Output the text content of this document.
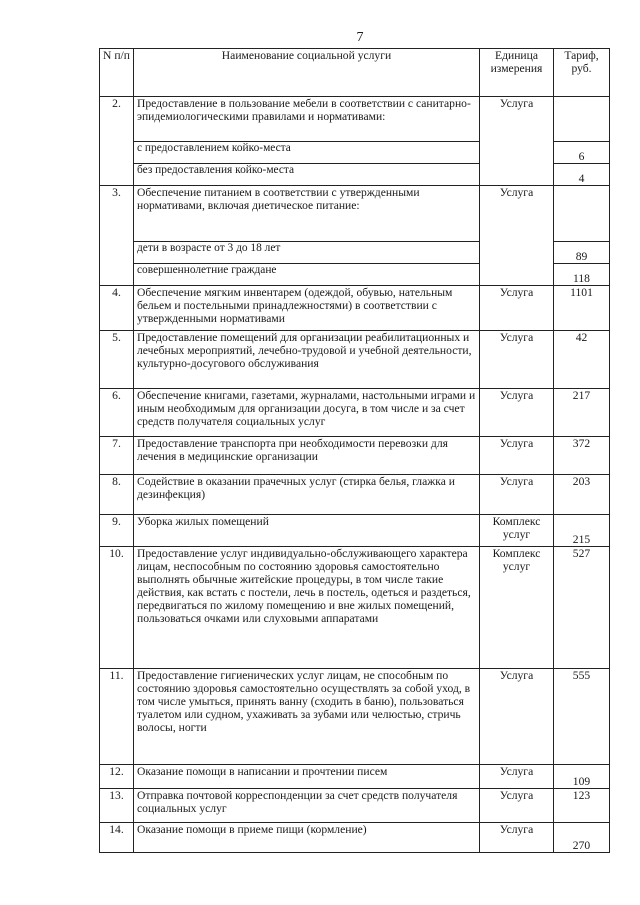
7
N п/п	Наименование социальной услуги	Единица измерения	Тариф, руб.
2.	Предоставление в пользование мебели в соответствии с санитарно-эпидемиологическими правилами и нормативами:	Услуга	
	с предоставлением койко-места		6
	без предоставления койко-места		4
3.	Обеспечение питанием в соответствии с утвержденными нормативами, включая диетическое питание:	Услуга	
	дети в возрасте от 3 до 18 лет		89
	совершеннолетние граждане		118
4.	Обеспечение мягким инвентарем (одеждой, обувью, нательным бельем и постельными принадлежностями) в соответствии с утвержденными нормативами	Услуга	1101
5.	Предоставление помещений для организации реабилитационных и лечебных мероприятий, лечебно-трудовой и учебной деятельности, культурно-досугового обслуживания	Услуга	42
6.	Обеспечение книгами, газетами, журналами, настольными играми и иным необходимым для организации досуга, в том числе и за счет средств получателя социальных услуг	Услуга	217
7.	Предоставление транспорта при необходимости перевозки для лечения в медицинские организации	Услуга	372
8.	Содействие в оказании прачечных услуг (стирка белья, глажка и дезинфекция)	Услуга	203
9.	Уборка жилых помещений	Комплекс услуг	215
10.	Предоставление услуг индивидуально-обслуживающего характера лицам, неспособным по состоянию здоровья самостоятельно выполнять обычные житейские процедуры, в том числе такие действия, как встать с постели, лечь в постель, одеться и раздеться, передвигаться по жилому помещению и вне жилых помещений, пользоваться очками или слуховыми аппаратами	Комплекс услуг	527
11.	Предоставление гигиенических услуг лицам, не способным по состоянию здоровья самостоятельно осуществлять за собой уход, в том числе умыться, принять ванну (сходить в баню), пользоваться туалетом или судном, ухаживать за зубами или челюстью, стричь волосы, ногти	Услуга	555
12.	Оказание помощи в написании и прочтении писем	Услуга	109
13.	Отправка почтовой корреспонденции за счет средств получателя социальных услуг	Услуга	123
14.	Оказание помощи в приеме пищи (кормление)	Услуга	270
